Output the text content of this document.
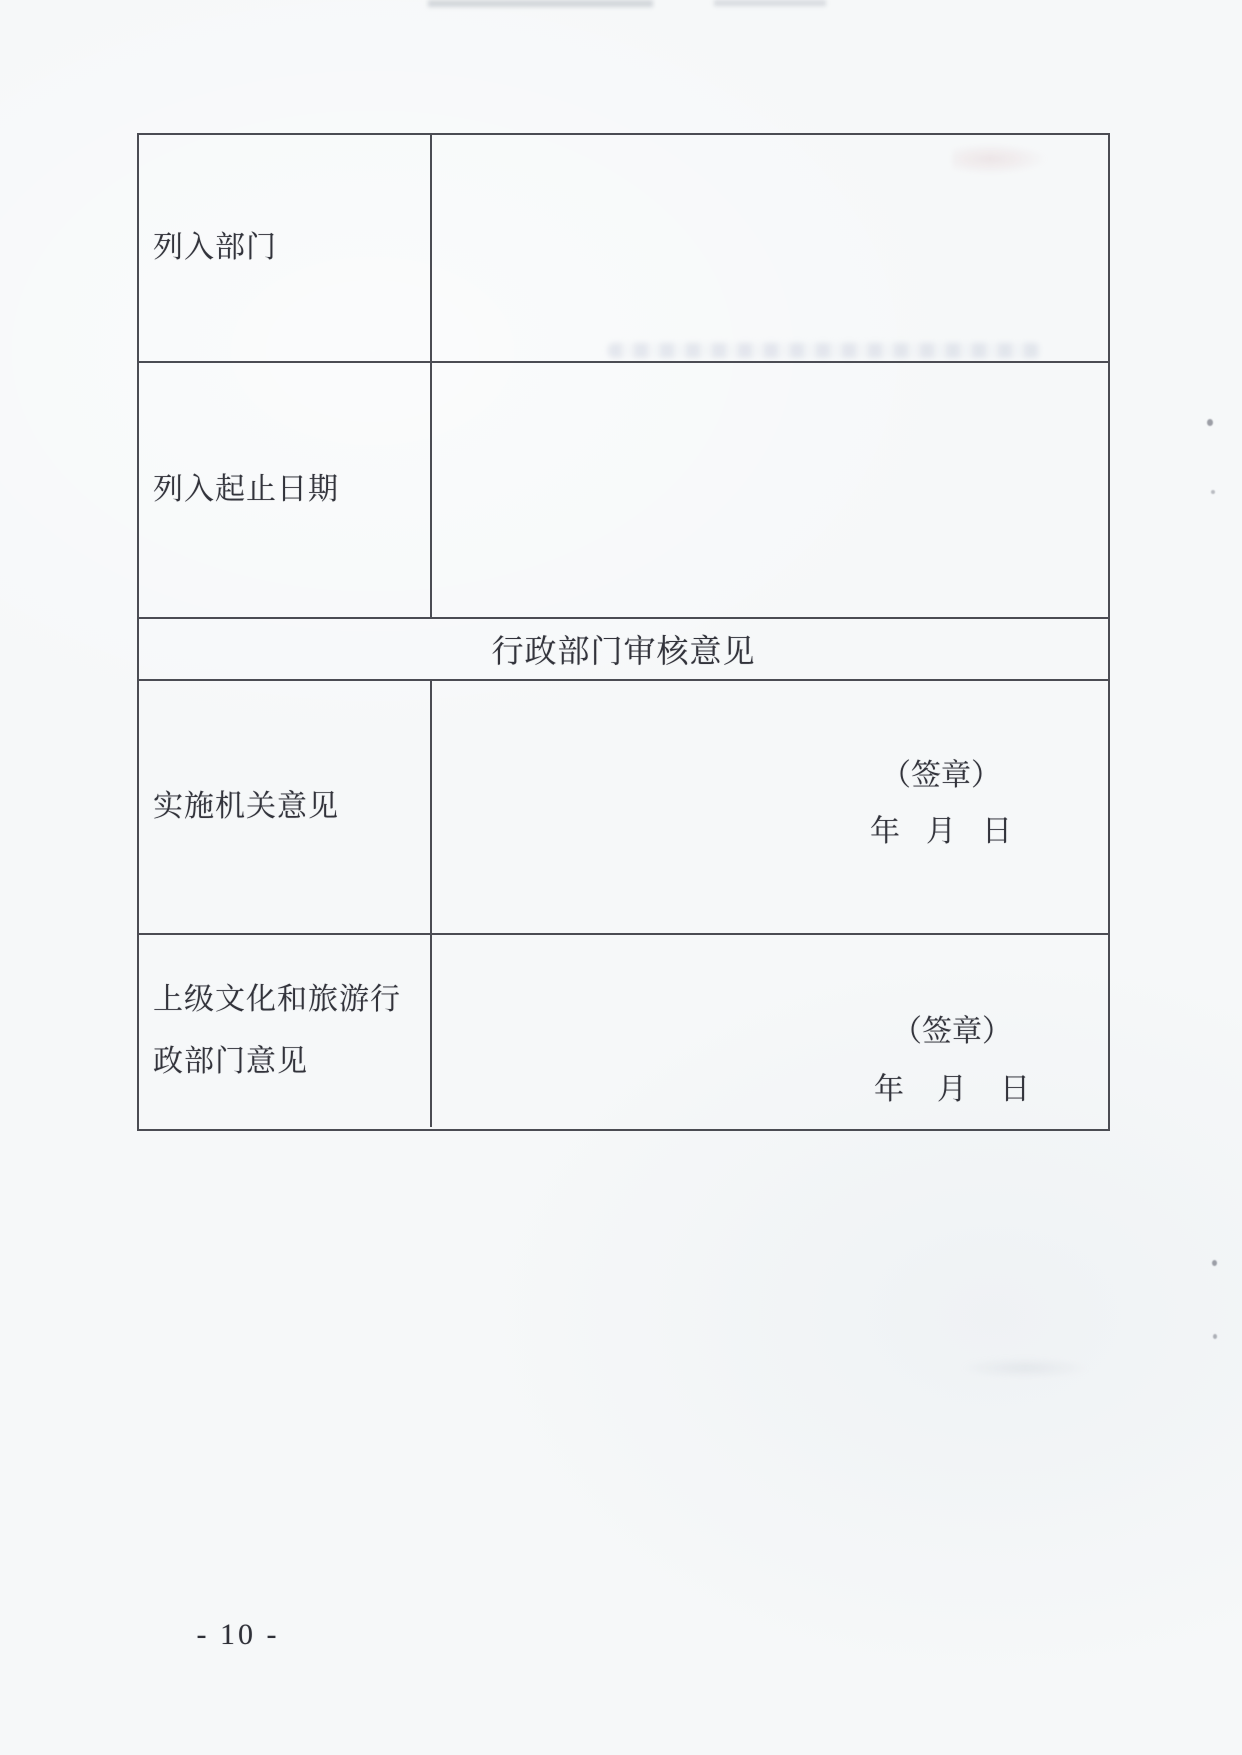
列入部门
列入起止日期
行政部门审核意见
实施机关意见
（签章）
年 月 日
上级文化和旅游行政部门意见
（签章）
年 月 日
- 10 -
